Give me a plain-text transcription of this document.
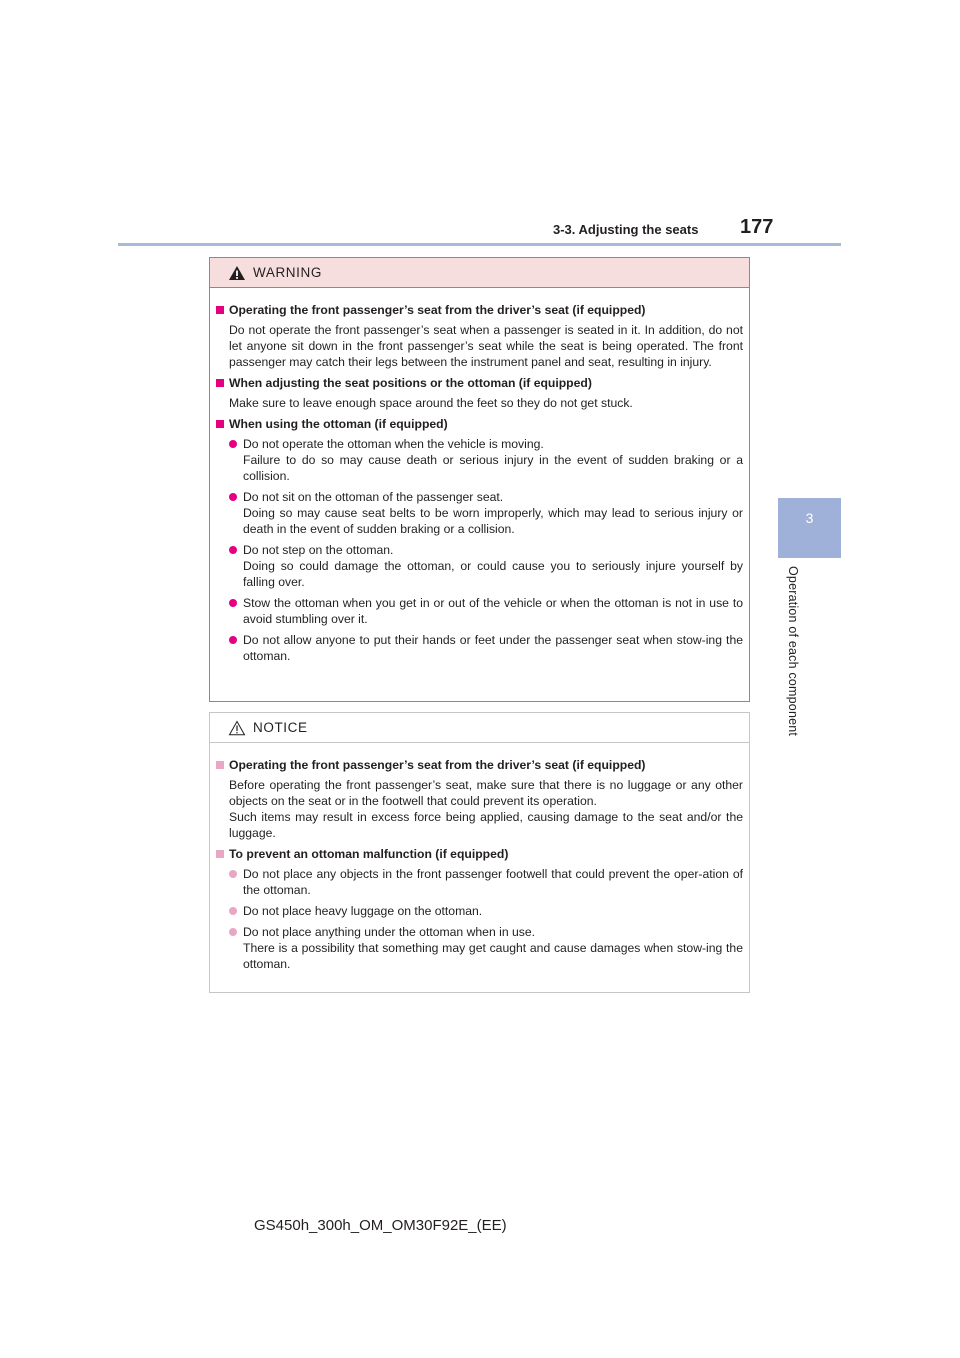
3-3. Adjusting the seats 177
3
Operation of each component
WARNING
Operating the front passenger’s seat from the driver’s seat (if equipped)
Do not operate the front passenger’s seat when a passenger is seated in it. In addition, do not let anyone sit down in the front passenger’s seat while the seat is being operated. The front passenger may catch their legs between the instrument panel and seat, resulting in injury.
When adjusting the seat positions or the ottoman (if equipped)
Make sure to leave enough space around the feet so they do not get stuck.
When using the ottoman (if equipped)
Do not operate the ottoman when the vehicle is moving.
Failure to do so may cause death or serious injury in the event of sudden braking or a collision.
Do not sit on the ottoman of the passenger seat.
Doing so may cause seat belts to be worn improperly, which may lead to serious injury or death in the event of sudden braking or a collision.
Do not step on the ottoman.
Doing so could damage the ottoman, or could cause you to seriously injure yourself by falling over.
Stow the ottoman when you get in or out of the vehicle or when the ottoman is not in use to avoid stumbling over it.
Do not allow anyone to put their hands or feet under the passenger seat when stow-ing the ottoman.
NOTICE
Operating the front passenger’s seat from the driver’s seat (if equipped)
Before operating the front passenger’s seat, make sure that there is no luggage or any other objects on the seat or in the footwell that could prevent its operation.
Such items may result in excess force being applied, causing damage to the seat and/or the luggage.
To prevent an ottoman malfunction (if equipped)
Do not place any objects in the front passenger footwell that could prevent the oper-ation of the ottoman.
Do not place heavy luggage on the ottoman.
Do not place anything under the ottoman when in use.
There is a possibility that something may get caught and cause damages when stow-ing the ottoman.
GS450h_300h_OM_OM30F92E_(EE)
